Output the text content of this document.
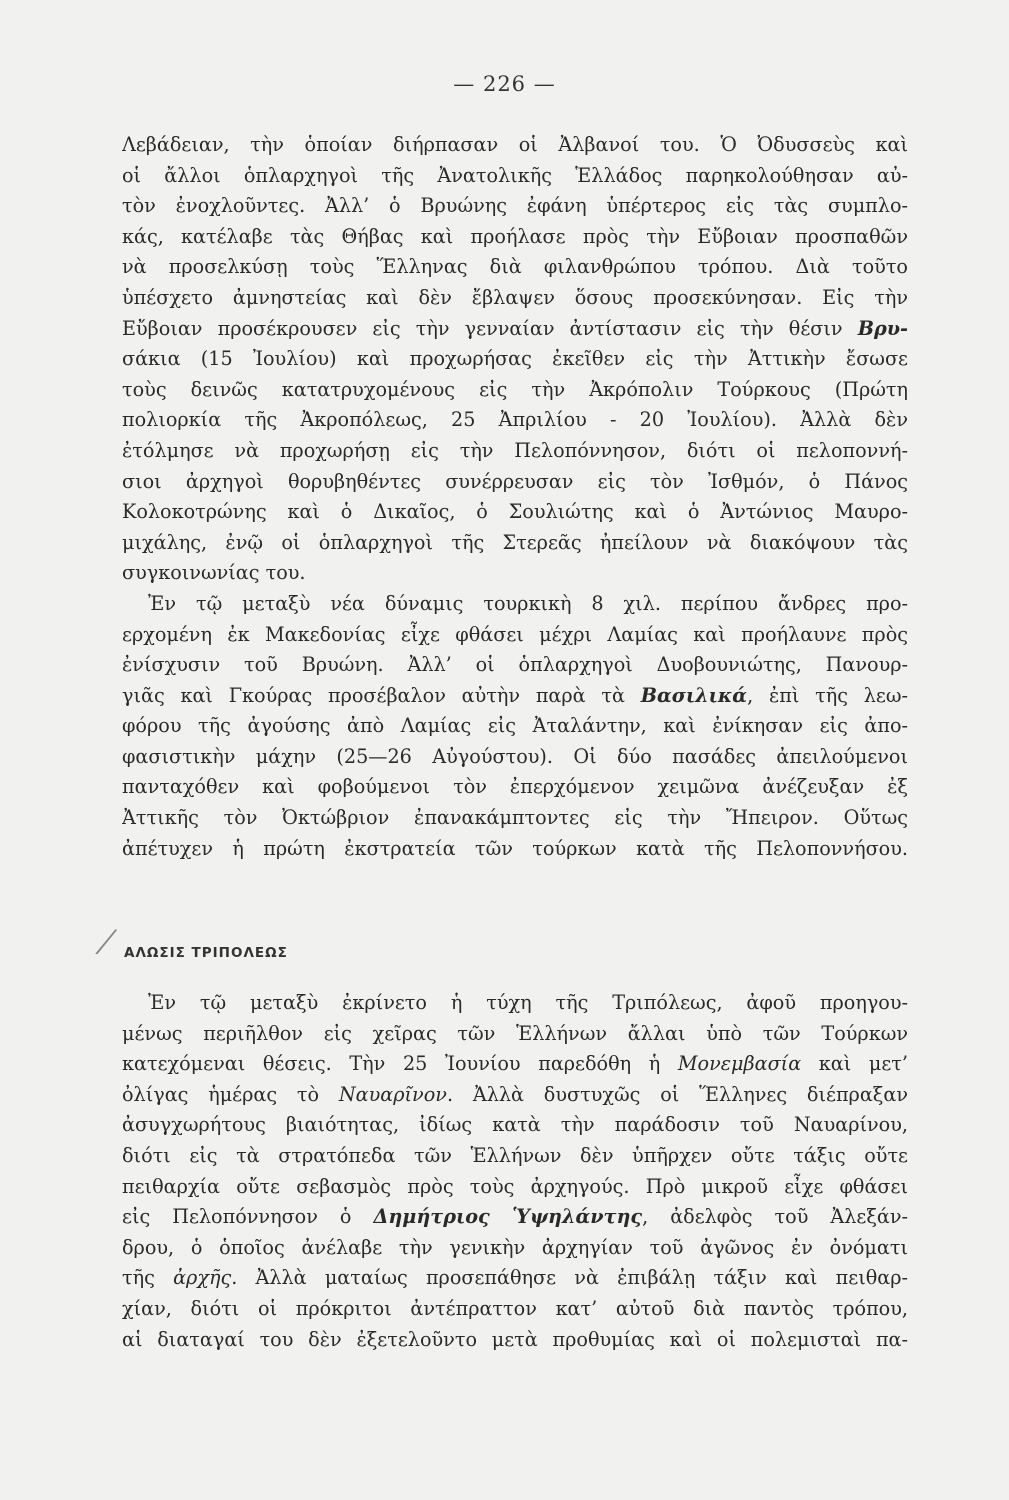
— 226 —
Λεβάδειαν, τὴν ὁποίαν διήρπασαν οἱ Ἀλβανοί του. Ὁ Ὀδυσσεὺς καὶ
οἱ ἄλλοι ὁπλαρχηγοὶ τῆς Ἀνατολικῆς Ἑλλάδος παρηκολούθησαν αὐ-
τὸν ἐνοχλοῦντες. Ἀλλ’ ὁ Βρυώνης ἐφάνη ὑπέρτερος εἰς τὰς συμπλο-
κάς, κατέλαβε τὰς Θήβας καὶ προήλασε πρὸς τὴν Εὔβοιαν προσπαθῶν
νὰ προσελκύσῃ τοὺς Ἕλληνας διὰ φιλανθρώπου τρόπου. Διὰ τοῦτο
ὑπέσχετο ἀμνηστείας καὶ δὲν ἔβλαψεν ὅσους προσεκύνησαν. Εἰς τὴν
Εὔβοιαν προσέκρουσεν εἰς τὴν γενναίαν ἀντίστασιν εἰς τὴν θέσιν Βρυ-
σάκια (15 Ἰουλίου) καὶ προχωρήσας ἐκεῖθεν εἰς τὴν Ἀττικὴν ἔσωσε
τοὺς δεινῶς κατατρυχομένους εἰς τὴν Ἀκρόπολιν Τούρκους (Πρώτη
πολιορκία τῆς Ἀκροπόλεως, 25 Ἀπριλίου - 20 Ἰουλίου). Ἀλλὰ δὲν
ἐτόλμησε νὰ προχωρήσῃ εἰς τὴν Πελοπόννησον, διότι οἱ πελοποννή-
σιοι ἀρχηγοὶ θορυβηθέντες συνέρρευσαν εἰς τὸν Ἰσθμόν, ὁ Πάνος
Κολοκοτρώνης καὶ ὁ Δικαῖος, ὁ Σουλιώτης καὶ ὁ Ἀντώνιος Μαυρο-
μιχάλης, ἐνῷ οἱ ὁπλαρχηγοὶ τῆς Στερεᾶς ἠπείλουν νὰ διακόψουν τὰς
συγκοινωνίας του.
Ἐν τῷ μεταξὺ νέα δύναμις τουρκικὴ 8 χιλ. περίπου ἄνδρες προ-
ερχομένη ἐκ Μακεδονίας εἶχε φθάσει μέχρι Λαμίας καὶ προήλαυνε πρὸς
ἐνίσχυσιν τοῦ Βρυώνη. Ἀλλ’ οἱ ὁπλαρχηγοὶ Δυοβουνιώτης, Πανουρ-
γιᾶς καὶ Γκούρας προσέβαλον αὐτὴν παρὰ τὰ Βασιλικά, ἐπὶ τῆς λεω-
φόρου τῆς ἀγούσης ἀπὸ Λαμίας εἰς Ἀταλάντην, καὶ ἐνίκησαν εἰς ἀπο-
φασιστικὴν μάχην (25—26 Αὐγούστου). Οἱ δύο πασάδες ἀπειλούμενοι
πανταχόθεν καὶ φοβούμενοι τὸν ἐπερχόμενον χειμῶνα ἀνέζευξαν ἐξ
Ἀττικῆς τὸν Ὀκτώβριον ἐπανακάμπτοντες εἰς τὴν Ἤπειρον. Οὕτως
ἀπέτυχεν ἡ πρώτη ἐκστρατεία τῶν τούρκων κατὰ τῆς Πελοποννήσου.
╱ ΑΛΩΣΙΣ ΤΡΙΠΟΛΕΩΣ
Ἐν τῷ μεταξὺ ἐκρίνετο ἡ τύχη τῆς Τριπόλεως, ἀφοῦ προηγου-
μένως περιῆλθον εἰς χεῖρας τῶν Ἑλλήνων ἄλλαι ὑπὸ τῶν Τούρκων
κατεχόμεναι θέσεις. Τὴν 25 Ἰουνίου παρεδόθη ἡ Μονεμβασία καὶ μετ’
ὀλίγας ἡμέρας τὸ Ναυαρῖνον. Ἀλλὰ δυστυχῶς οἱ Ἕλληνες διέπραξαν
ἀσυγχωρήτους βιαιότητας, ἰδίως κατὰ τὴν παράδοσιν τοῦ Ναυαρίνου,
διότι εἰς τὰ στρατόπεδα τῶν Ἑλλήνων δὲν ὑπῆρχεν οὔτε τάξις οὔτε
πειθαρχία οὔτε σεβασμὸς πρὸς τοὺς ἀρχηγούς. Πρὸ μικροῦ εἶχε φθάσει
εἰς Πελοπόννησον ὁ Δημήτριος Ὑψηλάντης, ἀδελφὸς τοῦ Ἀλεξάν-
δρου, ὁ ὁποῖος ἀνέλαβε τὴν γενικὴν ἀρχηγίαν τοῦ ἀγῶνος ἐν ὀνόματι
τῆς ἀρχῆς. Ἀλλὰ ματαίως προσεπάθησε νὰ ἐπιβάλῃ τάξιν καὶ πειθαρ-
χίαν, διότι οἱ πρόκριτοι ἀντέπραττον κατ’ αὐτοῦ διὰ παντὸς τρόπου,
αἱ διαταγαί του δὲν ἐξετελοῦντο μετὰ προθυμίας καὶ οἱ πολεμισταὶ πα-
